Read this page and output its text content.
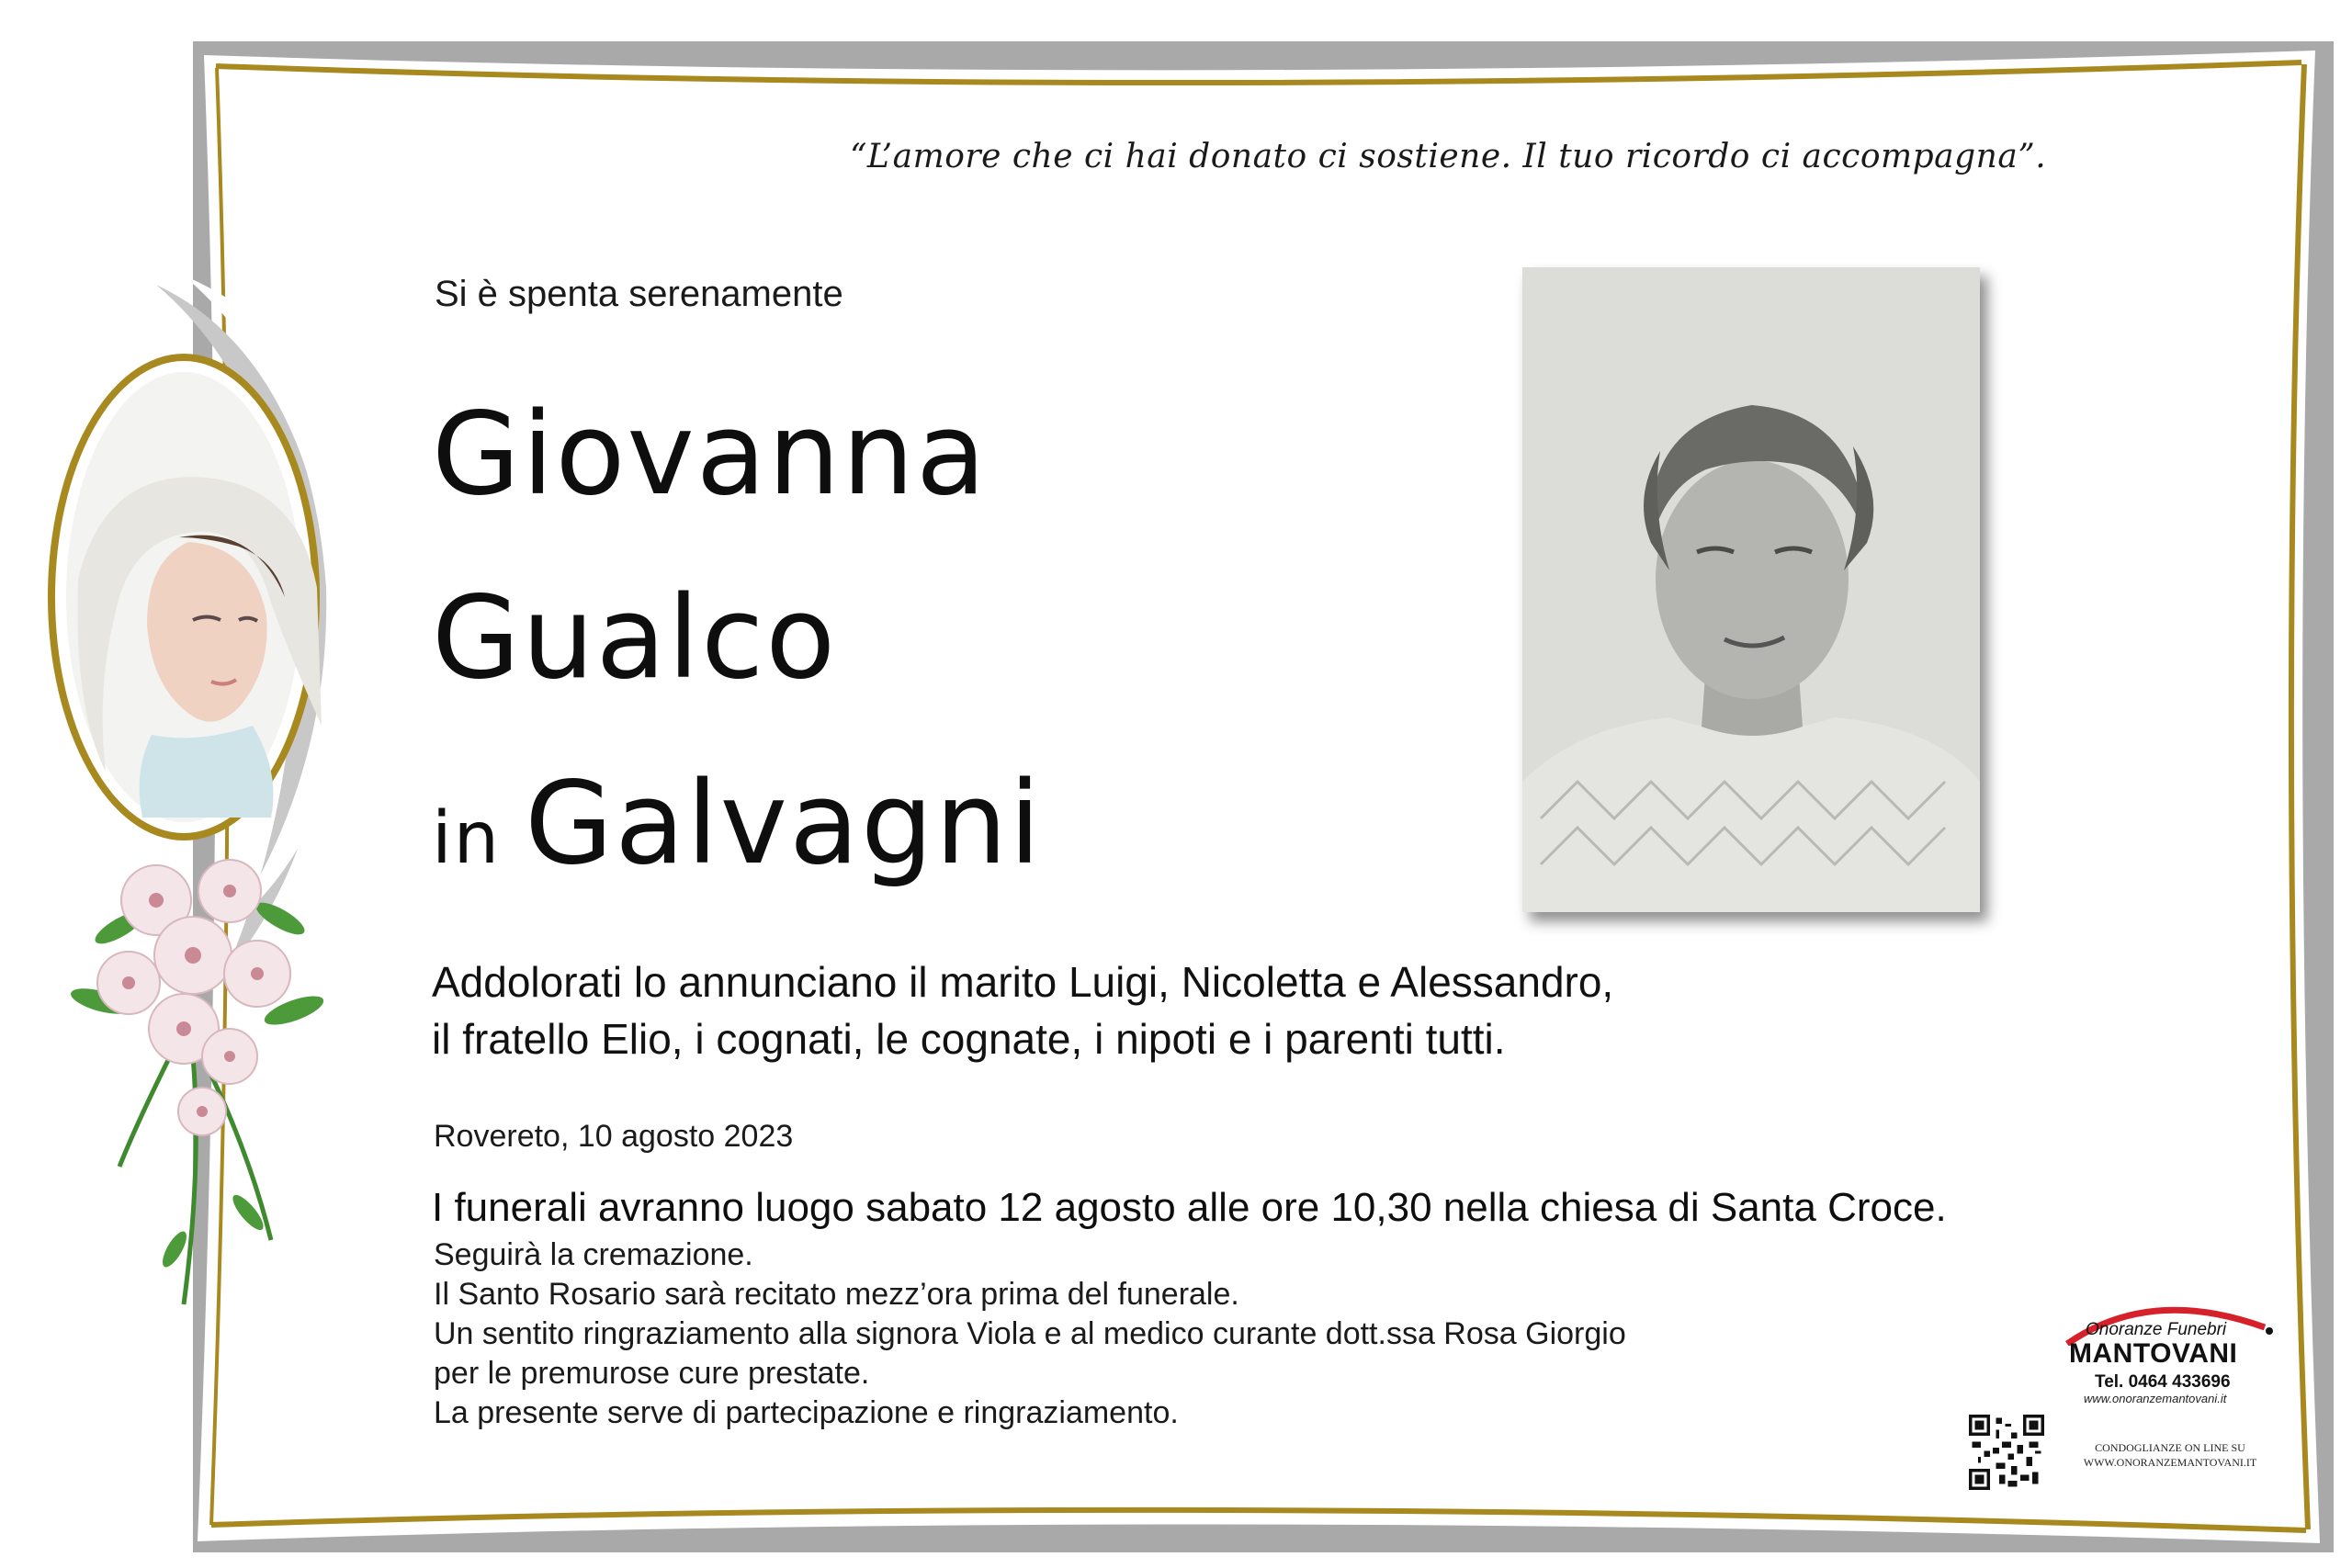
“L’amore che ci hai donato ci sostiene. Il tuo ricordo ci accompagna”.
Si è spenta serenamente
Giovanna
Gualco
in Galvagni
Addolorati lo annunciano il marito Luigi, Nicoletta e Alessandro,
il fratello Elio, i cognati, le cognate, i nipoti e i parenti tutti.
Rovereto, 10 agosto 2023
I funerali avranno luogo sabato 12 agosto alle ore 10,30 nella chiesa di Santa Croce.
Seguirà la cremazione.
Il Santo Rosario sarà recitato mezz’ora prima del funerale.
Un sentito ringraziamento alla signora Viola e al medico curante dott.ssa Rosa Giorgio
per le premurose cure prestate.
La presente serve di partecipazione e ringraziamento.
Onoranze Funebri
MANTOVANI
Tel. 0464 433696
www.onoranzemantovani.it
CONDOGLIANZE ON LINE SU
WWW.ONORANZEMANTOVANI.IT
